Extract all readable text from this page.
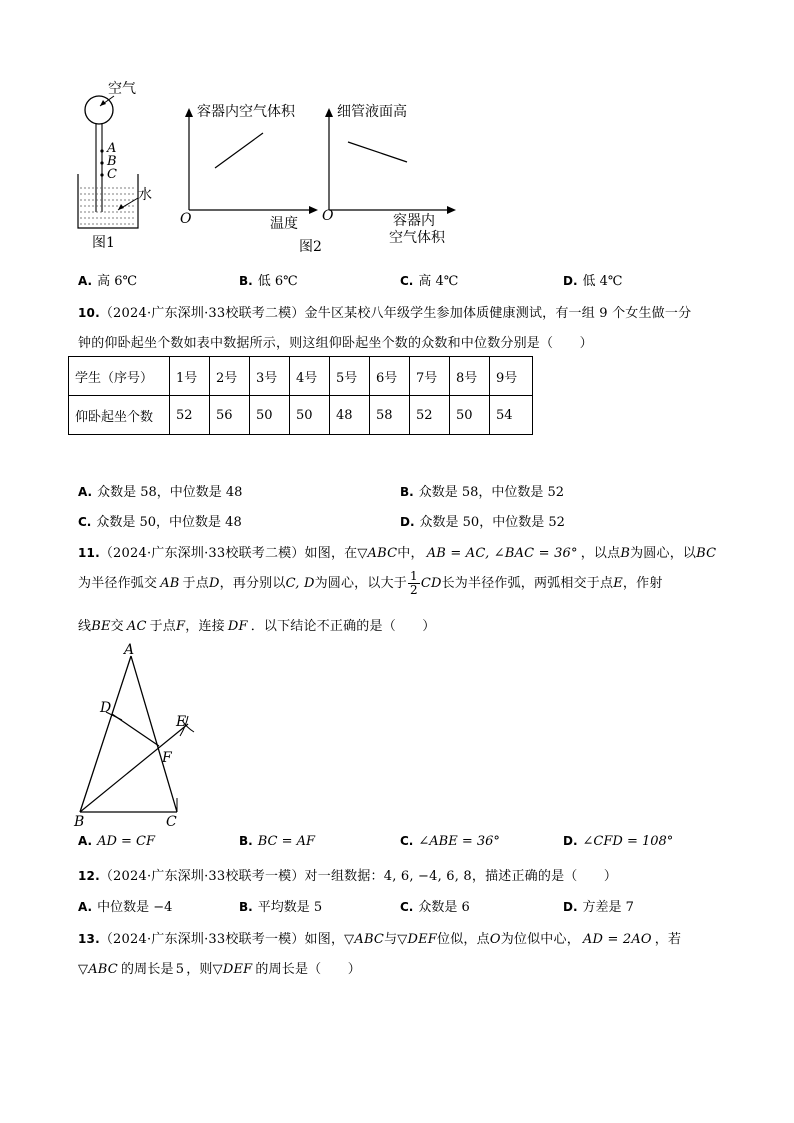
空气
A
B
C
水
图1
容器内空气体积
O	温度
细管液面高
O	容器内
空气体积
图2
A. 高 6℃	B. 低 6℃	C. 高 4℃	D. 低 4℃
10.（2024·广东深圳·33校联考二模）金牛区某校八年级学生参加体质健康测试，有一组 9 个女生做一分
钟的仰卧起坐个数如表中数据所示，则这组仰卧起坐个数的众数和中位数分别是（　　）
学生（序号）	1号	2号	3号	4号	5号	6号	7号	8号	9号
仰卧起坐个数	52	56	50	50	48	58	52	50	54
A. 众数是 58，中位数是 48	B. 众数是 58，中位数是 52
C. 众数是 50，中位数是 48	D. 众数是 50，中位数是 52
11.（2024·广东深圳·33校联考二模）如图，在▽ABC中， AB = AC, ∠BAC = 36° ，以点B为圆心，以BC
为半径作弧交 AB 于点D，再分别以C, D为圆心，以大于 $\frac{1}{2}$ CD长为半径作弧，两弧相交于点E，作射
线BE交 AC 于点F，连接 DF ．以下结论不正确的是（　　）
A
B	C
D
E
F
A. AD = CF	B. BC = AF	C. ∠ABE = 36°	D. ∠CFD = 108°
12.（2024·广东深圳·33校联考一模）对一组数据：4, 6, −4, 6, 8，描述正确的是（　　）
A. 中位数是 −4	B. 平均数是 5	C. 众数是 6	D. 方差是 7
13.（2024·广东深圳·33校联考一模）如图，▽ABC与▽DEF位似，点O为位似中心， AD = 2AO ，若
▽ABC 的周长是 5 ，则▽DEF 的周长是（　　）
